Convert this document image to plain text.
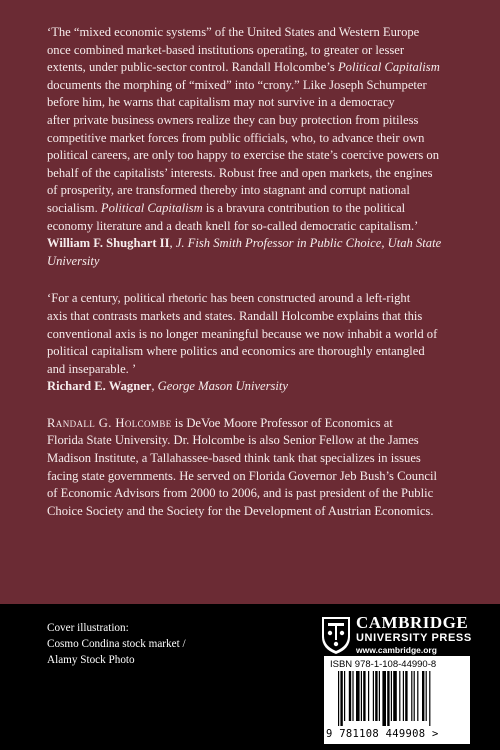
‘The “mixed economic systems” of the United States and Western Europe
once combined market-based institutions operating, to greater or lesser
extents, under public-sector control. Randall Holcombe’s Political Capitalism
documents the morphing of “mixed” into “crony.” Like Joseph Schumpeter
before him, he warns that capitalism may not survive in a democracy
after private business owners realize they can buy protection from pitiless
competitive market forces from public officials, who, to advance their own
political careers, are only too happy to exercise the state’s coercive powers on
behalf of the capitalists’ interests. Robust free and open markets, the engines
of prosperity, are transformed thereby into stagnant and corrupt national
socialism. Political Capitalism is a bravura contribution to the political
economy literature and a death knell for so-called democratic capitalism.’
William F. Shughart II, J. Fish Smith Professor in Public Choice, Utah State
University
‘For a century, political rhetoric has been constructed around a left-right
axis that contrasts markets and states. Randall Holcombe explains that this
conventional axis is no longer meaningful because we now inhabit a world of
political capitalism where politics and economics are thoroughly entangled
and inseparable. ’
Richard E. Wagner, George Mason University
Randall G. Holcombe is DeVoe Moore Professor of Economics at
Florida State University. Dr. Holcombe is also Senior Fellow at the James
Madison Institute, a Tallahassee-based think tank that specializes in issues
facing state governments. He served on Florida Governor Jeb Bush’s Council
of Economic Advisors from 2000 to 2006, and is past president of the Public
Choice Society and the Society for the Development of Austrian Economics.
Cover illustration:
Cosmo Condina stock market /
Alamy Stock Photo
CAMBRIDGE
UNIVERSITY PRESS
www.cambridge.org
ISBN 978-1-108-44990-8
9 781108 449908 >
